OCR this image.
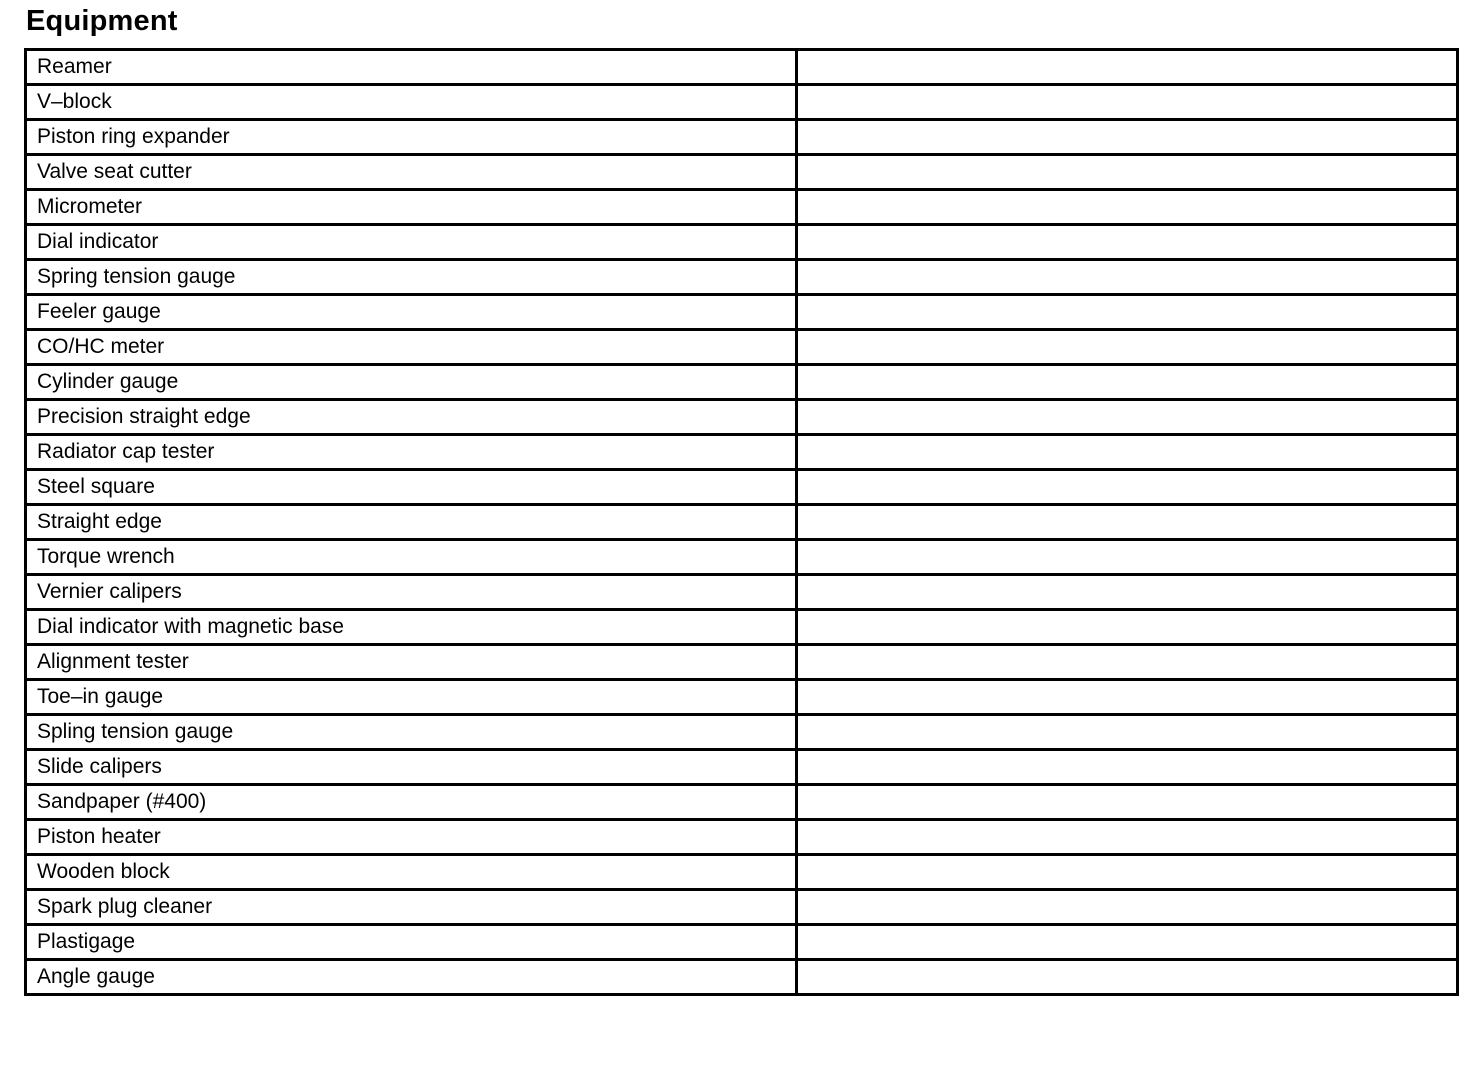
Equipment
Reamer	
V–block	
Piston ring expander	
Valve seat cutter	
Micrometer	
Dial indicator	
Spring tension gauge	
Feeler gauge	
CO/HC meter	
Cylinder gauge	
Precision straight edge	
Radiator cap tester	
Steel square	
Straight edge	
Torque wrench	
Vernier calipers	
Dial indicator with magnetic base	
Alignment tester	
Toe–in gauge	
Spling tension gauge	
Slide calipers	
Sandpaper (#400)	
Piston heater	
Wooden block	
Spark plug cleaner	
Plastigage	
Angle gauge	
